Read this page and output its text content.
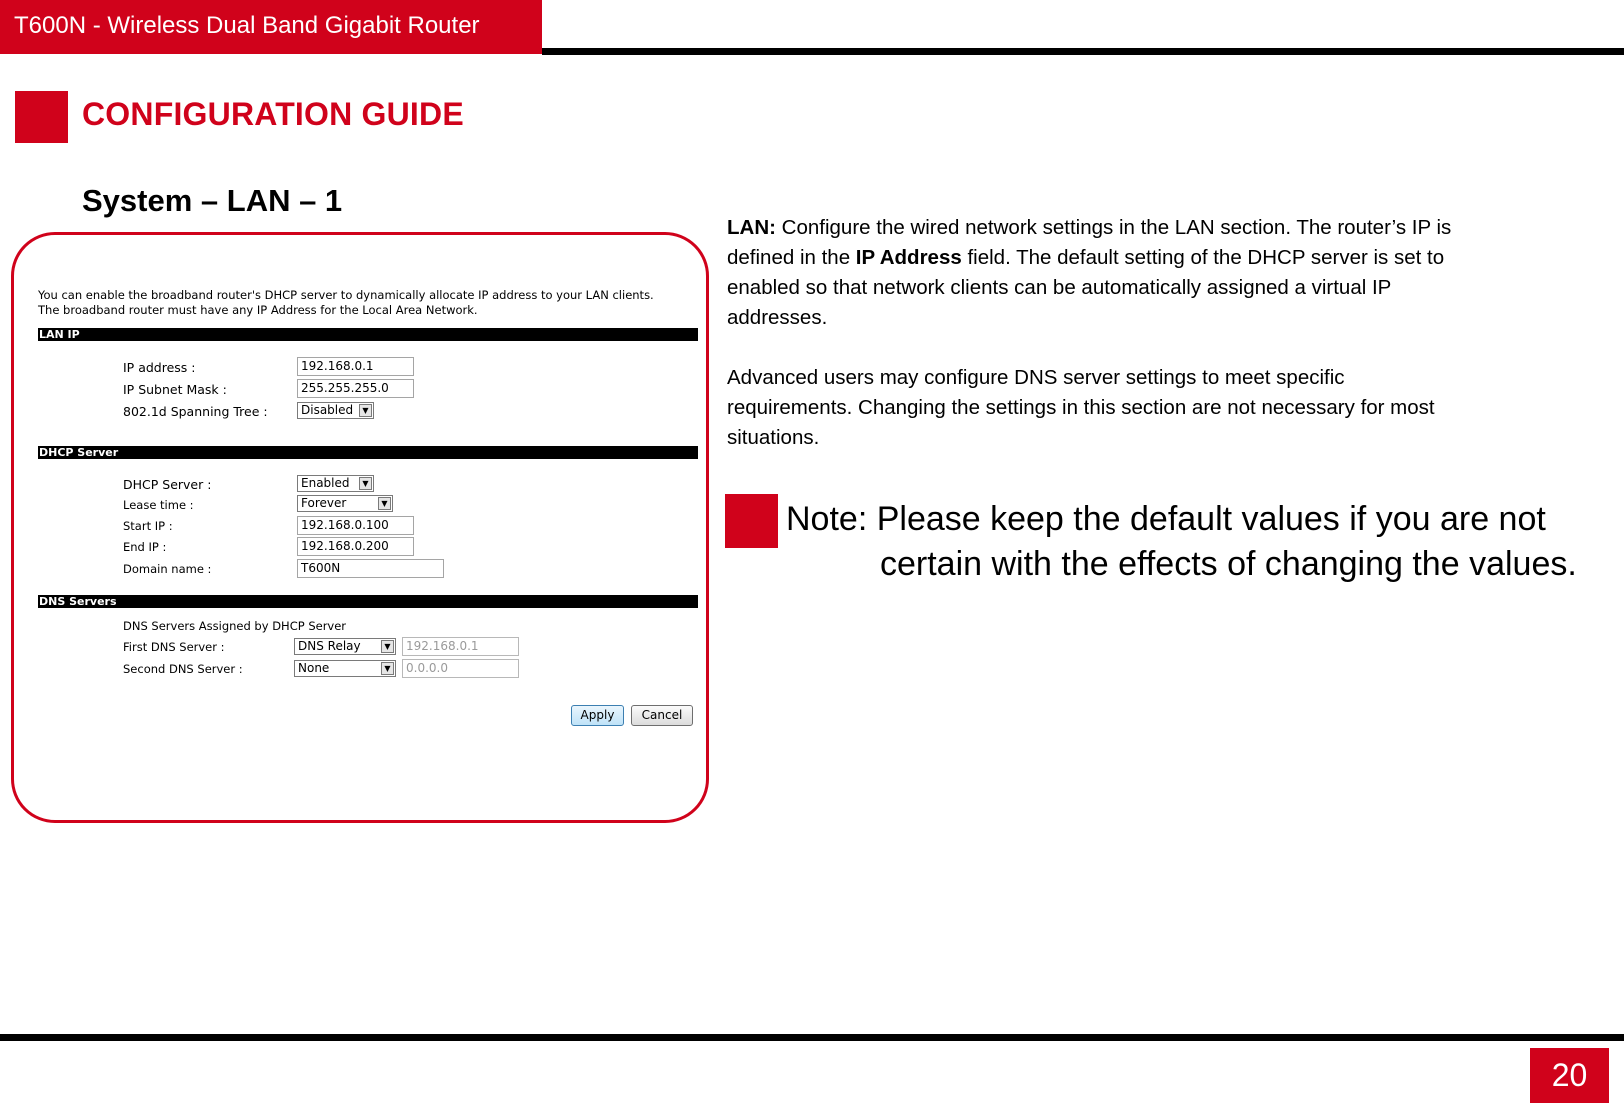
T600N - Wireless Dual Band Gigabit Router
CONFIGURATION GUIDE
System – LAN – 1
You can enable the broadband router's DHCP server to dynamically allocate IP address to your LAN clients.
The broadband router must have any IP Address for the Local Area Network.
LAN IP
IP address :	192.168.0.1
IP Subnet Mask :	255.255.255.0
802.1d Spanning Tree :	Disabled	▼
DHCP Server
DHCP Server :	Enabled	▼
Lease time :	Forever	▼
Start IP :	192.168.0.100
End IP :	192.168.0.200
Domain name :	T600N
DNS Servers
DNS Servers Assigned by DHCP Server
First DNS Server :	DNS Relay	▼	192.168.0.1
Second DNS Server :	None	▼	0.0.0.0
Apply	Cancel
LAN: Configure the wired network settings in the LAN section. The router’s IP is
defined in the IP Address field. The default setting of the DHCP server is set to
enabled so that network clients can be automatically assigned a virtual IP
addresses.
Advanced users may configure DNS server settings to meet specific
requirements. Changing the settings in this section are not necessary for most
situations.
Note: Please keep the default values if you are not
certain with the effects of changing the values.
20
